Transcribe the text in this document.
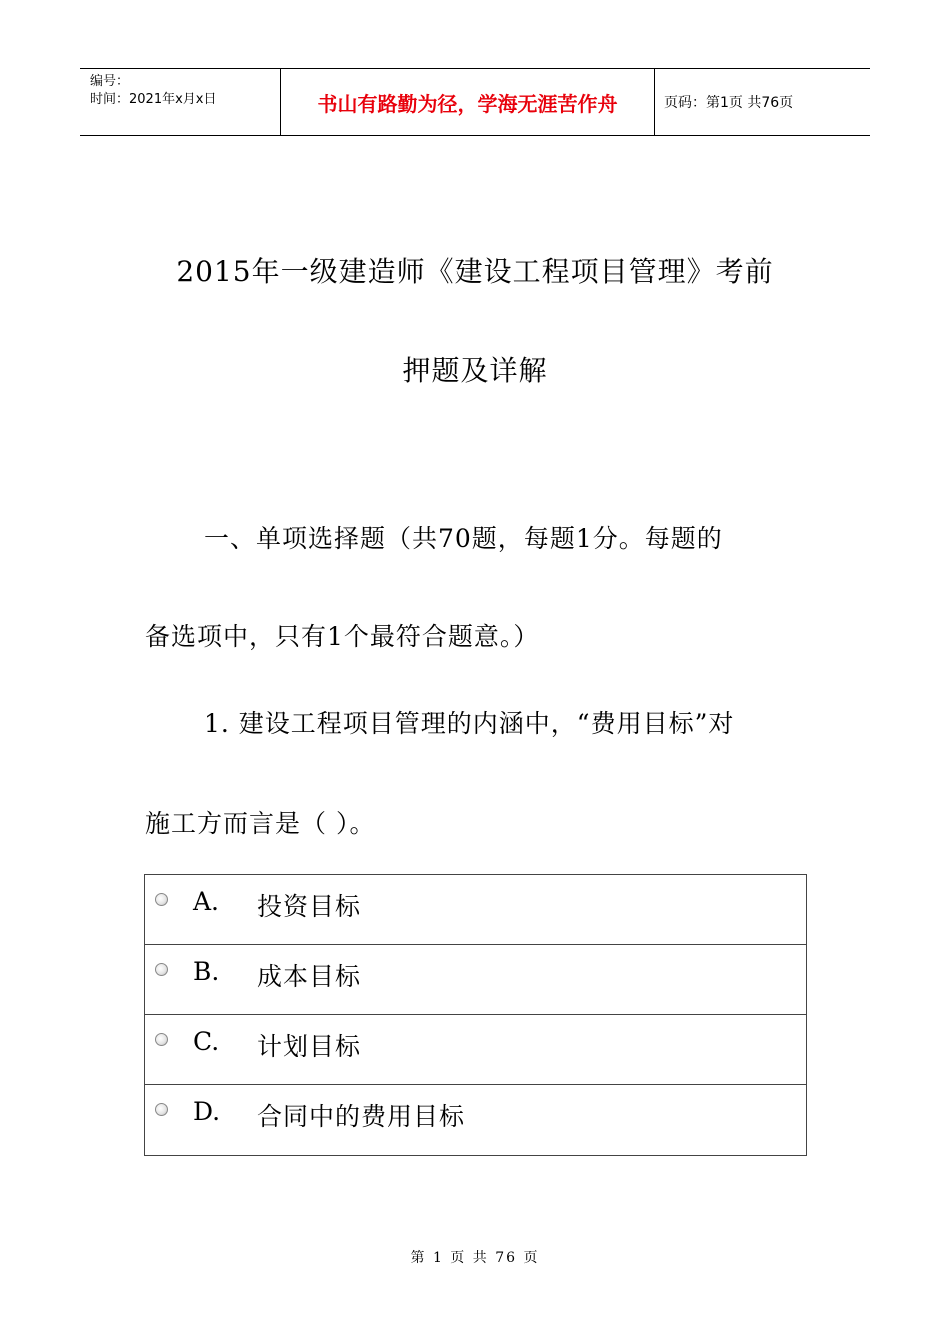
编号：
时间：2021年x月x日	书山有路勤为径，学海无涯苦作舟	页码：第1页 共76页
2015年一级建造师《建设工程项目管理》考前
押题及详解
一、单项选择题（共70题，每题1分。每题的
备选项中，只有1个最符合题意。）
1. 建设工程项目管理的内涵中，“费用目标”对
施工方而言是（ ）。
A. 投资目标
B. 成本目标
C. 计划目标
D. 合同中的费用目标
第 1 页 共 76 页
